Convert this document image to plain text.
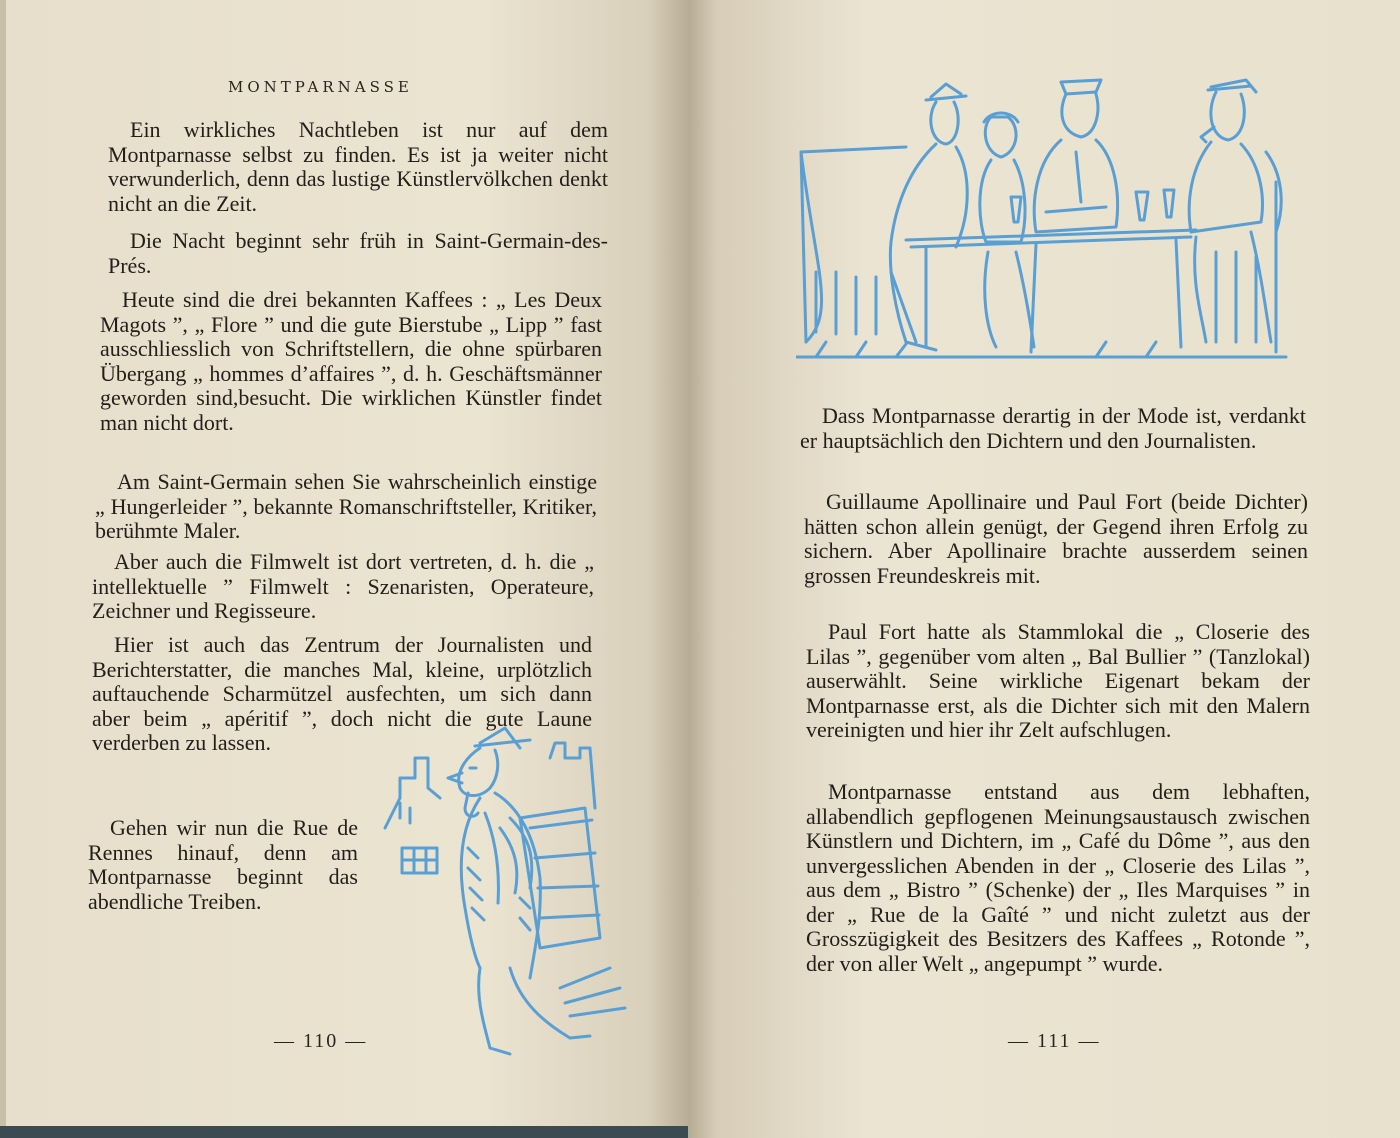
MONTPARNASSE

Ein wirkliches Nachtleben ist nur auf dem Montparnasse selbst zu finden. Es ist ja weiter nicht verwunderlich, denn das lustige Künstlervölkchen denkt nicht an die Zeit.

Die Nacht beginnt sehr früh in Saint-Germain-des-Prés.

Heute sind die drei bekannten Kaffees : „ Les Deux Magots ”, „ Flore ” und die gute Bierstube „ Lipp ” fast ausschliesslich von Schriftstellern, die ohne spürbaren Übergang „ hommes d’affaires ”, d. h. Geschäftsmänner geworden sind,besucht. Die wirklichen Künstler findet man nicht dort.

Am Saint-Germain sehen Sie wahrscheinlich einstige „ Hungerleider ”, bekannte Romanschriftsteller, Kritiker, berühmte Maler.

Aber auch die Filmwelt ist dort vertreten, d. h. die „ intellektuelle ” Filmwelt : Szenaristen, Operateure, Zeichner und Regisseure.

Hier ist auch das Zentrum der Journalisten und Berichterstatter, die manches Mal, kleine, urplötzlich auftauchende Scharmützel ausfechten, um sich dann aber beim „ apéritif ”, doch nicht die gute Laune verderben zu lassen.

Gehen wir nun die Rue de Rennes hinauf, denn am Montparnasse beginnt das abendliche Treiben.

— 110 —

Dass Montparnasse derartig in der Mode ist, verdankt er hauptsächlich den Dichtern und den Journalisten.

Guillaume Apollinaire und Paul Fort (beide Dichter) hätten schon allein genügt, der Gegend ihren Erfolg zu sichern. Aber Apollinaire brachte ausserdem seinen grossen Freundeskreis mit.

Paul Fort hatte als Stammlokal die „ Closerie des Lilas ”, gegenüber vom alten „ Bal Bullier ” (Tanzlokal) auserwählt. Seine wirkliche Eigenart bekam der Montparnasse erst, als die Dichter sich mit den Malern vereinigten und hier ihr Zelt aufschlugen.

Montparnasse entstand aus dem lebhaften, allabendlich gepflogenen Meinungsaustausch zwischen Künstlern und Dichtern, im „ Café du Dôme ”, aus den unvergesslichen Abenden in der „ Closerie des Lilas ”, aus dem „ Bistro ” (Schenke) der „ Iles Marquises ” in der „ Rue de la Gaîté ” und nicht zuletzt aus der Grosszügigkeit des Besitzers des Kaffees „ Rotonde ”, der von aller Welt „ angepumpt ” wurde.

— 111 —
